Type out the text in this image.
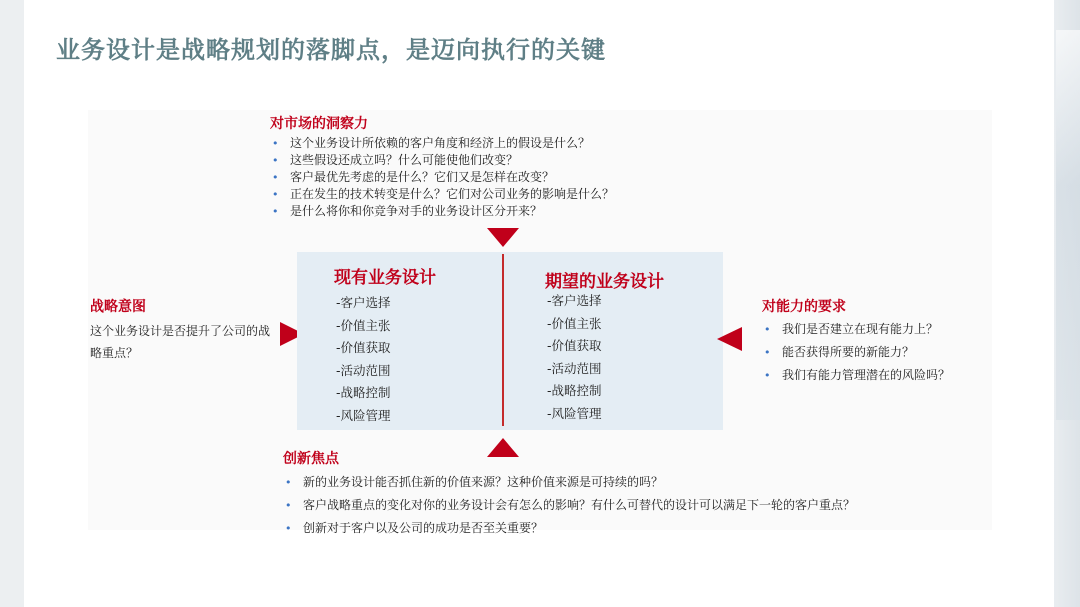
业务设计是战略规划的落脚点，是迈向执行的关键
对市场的洞察力
• 这个业务设计所依赖的客户角度和经济上的假设是什么？
• 这些假设还成立吗？什么可能使他们改变？
• 客户最优先考虑的是什么？它们又是怎样在改变？
• 正在发生的技术转变是什么？它们对公司业务的影响是什么？
• 是什么将你和你竞争对手的业务设计区分开来？
战略意图

这个业务设计是否提升了公司的战略重点？

现有业务设计
-客户选择
-价值主张
-价值获取
-活动范围
-战略控制
-风险管理
期望的业务设计
-客户选择
-价值主张
-价值获取
-活动范围
-战略控制
-风险管理
对能力的要求
• 我们是否建立在现有能力上？
• 能否获得所要的新能力？
• 我们有能力管理潜在的风险吗？
创新焦点
• 新的业务设计能否抓住新的价值来源？这种价值来源是可持续的吗？
• 客户战略重点的变化对你的业务设计会有怎么的影响？有什么可替代的设计可以满足下一轮的客户重点？
• 创新对于客户以及公司的成功是否至关重要？
